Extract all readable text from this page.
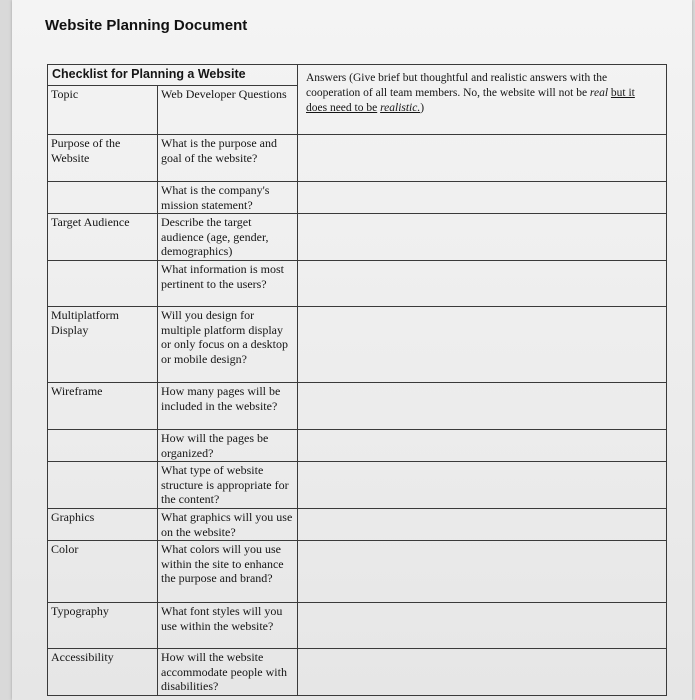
Website Planning Document
Checklist for Planning a Website		Answers (Give brief but thoughtful and realistic answers with the cooperation of all team members. No, the website will not be real but it does need to be realistic.)
Topic	Web Developer Questions	
Purpose of the Website	What is the purpose and goal of the website?	
	What is the company's mission statement?	
Target Audience	Describe the target audience (age, gender, demographics)	
	What information is most pertinent to the users?	
Multiplatform Display	Will you design for multiple platform display or only focus on a desktop or mobile design?	
Wireframe	How many pages will be included in the website?	
	How will the pages be organized?	
	What type of website structure is appropriate for the content?	
Graphics	What graphics will you use on the website?	
Color	What colors will you use within the site to enhance the purpose and brand?	
Typography	What font styles will you use within the website?	
Accessibility	How will the website accommodate people with disabilities?	
